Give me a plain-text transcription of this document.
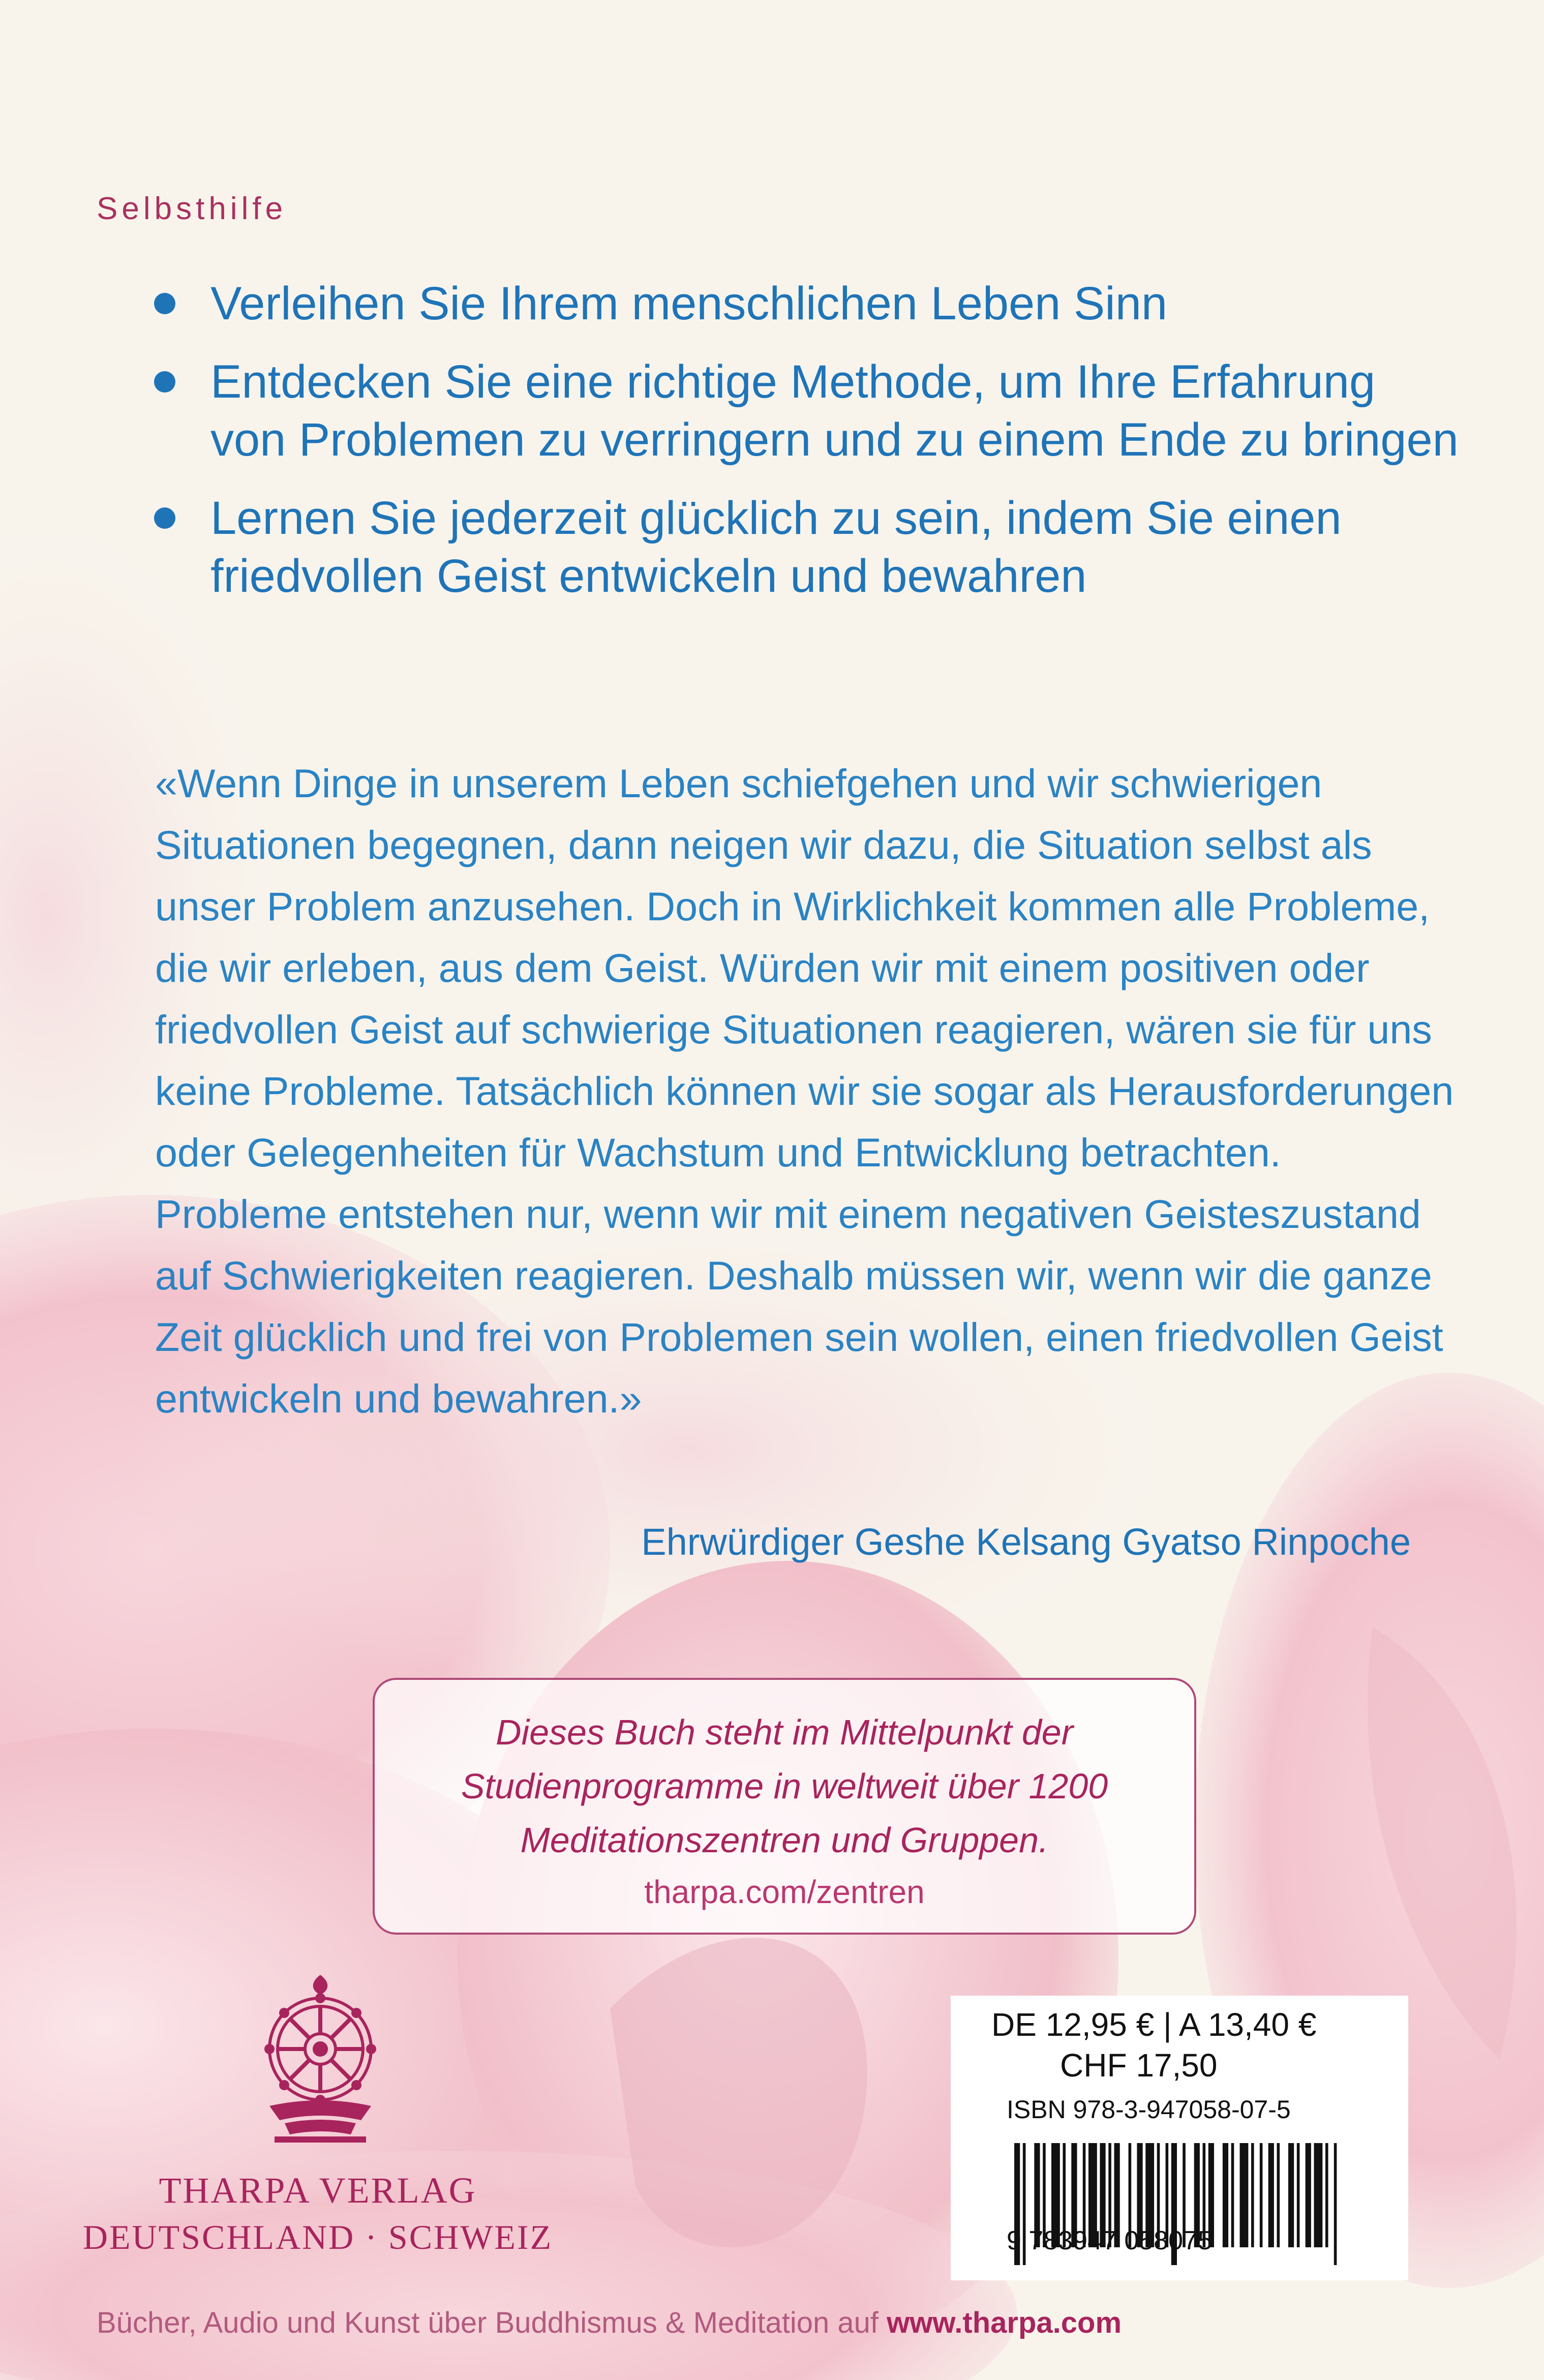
Selbsthilfe
Verleihen Sie Ihrem menschlichen Leben Sinn
Entdecken Sie eine richtige Methode, um Ihre Erfahrung von Problemen zu verringern und zu einem Ende zu bringen
Lernen Sie jederzeit glücklich zu sein, indem Sie einen friedvollen Geist entwickeln und bewahren

«Wenn Dinge in unserem Leben schiefgehen und wir schwierigen Situationen begegnen, dann neigen wir dazu, die Situation selbst als unser Problem anzusehen. Doch in Wirklichkeit kommen alle Probleme, die wir erleben, aus dem Geist. Würden wir mit einem positiven oder friedvollen Geist auf schwierige Situationen reagieren, wären sie für uns keine Probleme. Tatsächlich können wir sie sogar als Herausforderungen oder Gelegenheiten für Wachstum und Entwicklung betrachten. Probleme entstehen nur, wenn wir mit einem negativen Geisteszustand auf Schwierigkeiten reagieren. Deshalb müssen wir, wenn wir die ganze Zeit glücklich und frei von Problemen sein wollen, einen friedvollen Geist entwickeln und bewahren.»

Ehrwürdiger Geshe Kelsang Gyatso Rinpoche
Dieses Buch steht im Mittelpunkt der Studienprogramme in weltweit über 1200 Meditationszentren und Gruppen.
tharpa.com/zentren
THARPA VERLAG
DEUTSCHLAND · SCHWEIZ
DE 12,95 € | A 13,40 €
CHF 17,50
ISBN 978-3-947058-07-5
9 783947 058075
Bücher, Audio und Kunst über Buddhismus & Meditation auf www.tharpa.com
